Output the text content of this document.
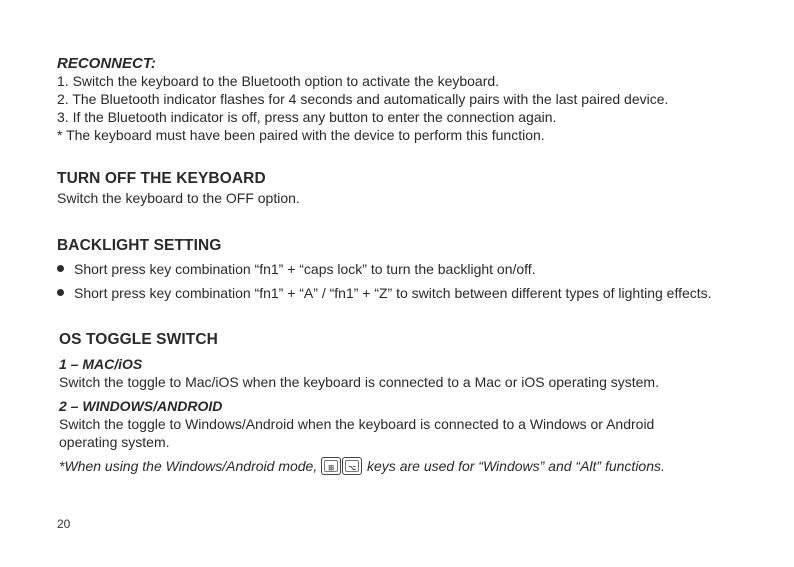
RECONNECT:
1. Switch the keyboard to the Bluetooth option to activate the keyboard.
2. The Bluetooth indicator flashes for 4 seconds and automatically pairs with the last paired device.
3. If the Bluetooth indicator is off, press any button to enter the connection again.
* The keyboard must have been paired with the device to perform this function.
TURN OFF THE KEYBOARD
Switch the keyboard to the OFF option.
BACKLIGHT SETTING
Short press key combination “fn1” + “caps lock” to turn the backlight on/off.
Short press key combination “fn1” + “A” / “fn1” + “Z” to switch between different types of lighting effects.
OS TOGGLE SWITCH
1 – MAC/iOS
Switch the toggle to Mac/iOS when the keyboard is connected to a Mac or iOS operating system.
2 – WINDOWS/ANDROID
Switch the toggle to Windows/Android when the keyboard is connected to a Windows or Android
operating system.
*When using the Windows/Android mode,	⊞	⌥ keys are used for “Windows” and “Alt” functions.
20
